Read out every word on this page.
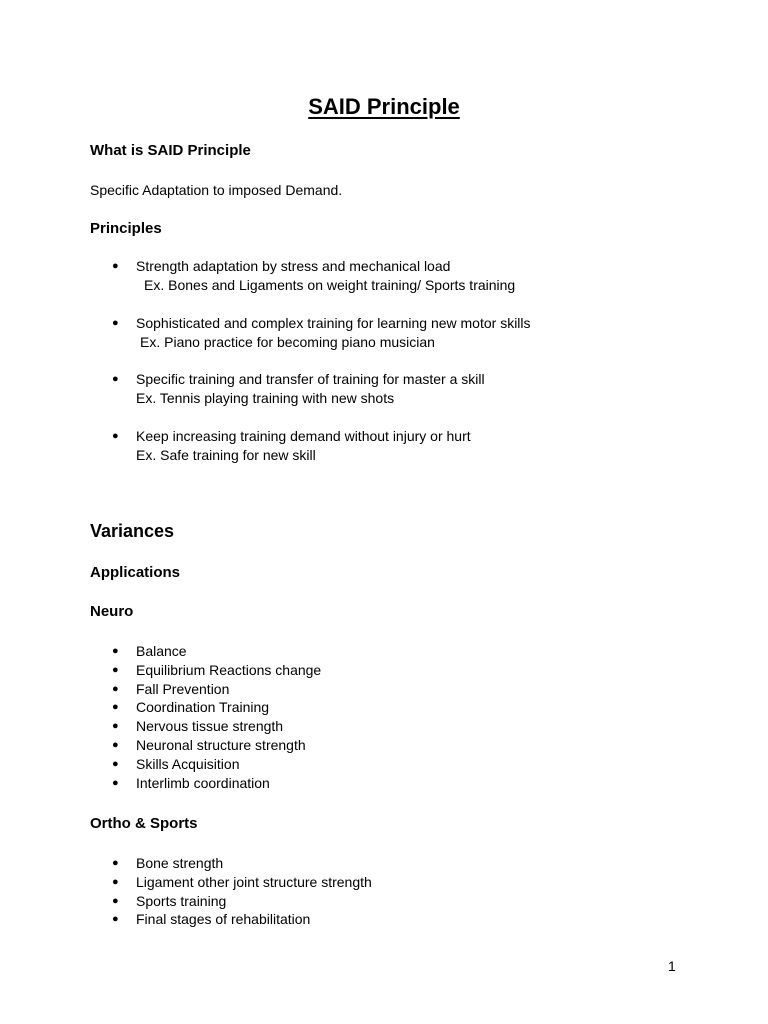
SAID Principle
What is SAID Principle
Specific Adaptation to imposed Demand.
Principles
● Strength adaptation by stress and mechanical load
Ex. Bones and Ligaments on weight training/ Sports training
● Sophisticated and complex training for learning new motor skills
Ex. Piano practice for becoming piano musician
● Specific training and transfer of training for master a skill
Ex. Tennis playing training with new shots
● Keep increasing training demand without injury or hurt
Ex. Safe training for new skill
Variances
Applications
Neuro
● Balance
● Equilibrium Reactions change
● Fall Prevention
● Coordination Training
● Nervous tissue strength
● Neuronal structure strength
● Skills Acquisition
● Interlimb coordination
Ortho & Sports
● Bone strength
● Ligament other joint structure strength
● Sports training
● Final stages of rehabilitation
1
